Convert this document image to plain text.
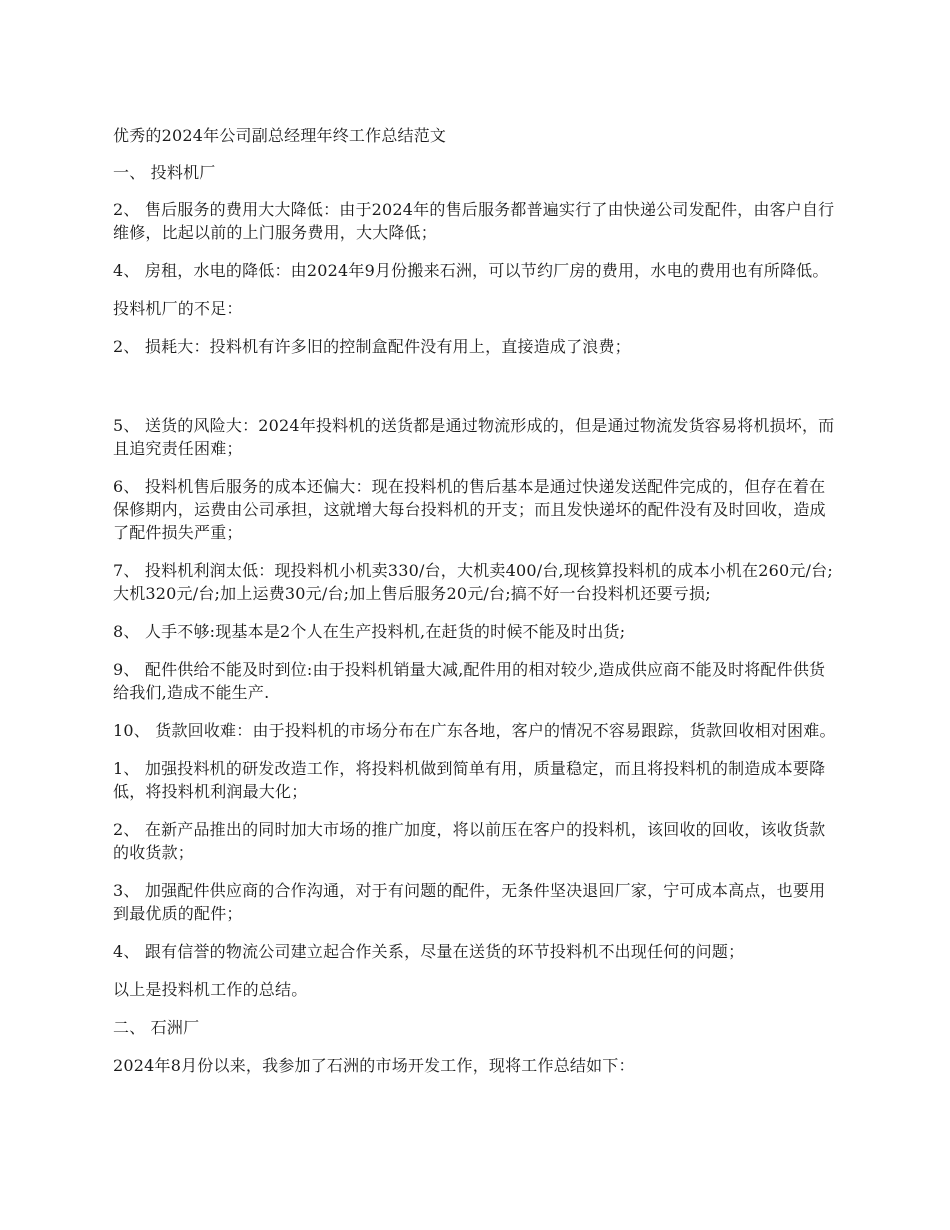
优秀的2024年公司副总经理年终工作总结范文

一、 投料机厂

2、 售后服务的费用大大降低：由于2024年的售后服务都普遍实行了由快递公司发配件，由客户自行维修，比起以前的上门服务费用，大大降低；

4、 房租，水电的降低：由2024年9月份搬来石洲，可以节约厂房的费用，水电的费用也有所降低。

投料机厂的不足：

2、 损耗大：投料机有许多旧的控制盒配件没有用上，直接造成了浪费；

5、 送货的风险大：2024年投料机的送货都是通过物流形成的，但是通过物流发货容易将机损坏，而且追究责任困难；

6、 投料机售后服务的成本还偏大：现在投料机的售后基本是通过快递发送配件完成的，但存在着在保修期内，运费由公司承担，这就增大每台投料机的开支；而且发快递坏的配件没有及时回收，造成了配件损失严重；

7、 投料机利润太低：现投料机小机卖330/台，大机卖400/台,现核算投料机的成本小机在260元/台;大机320元/台;加上运费30元/台;加上售后服务20元/台;搞不好一台投料机还要亏损;

8、 人手不够:现基本是2个人在生产投料机,在赶货的时候不能及时出货;

9、 配件供给不能及时到位:由于投料机销量大减,配件用的相对较少,造成供应商不能及时将配件供货给我们,造成不能生产.

10、 货款回收难：由于投料机的市场分布在广东各地，客户的情况不容易跟踪，货款回收相对困难。

1、 加强投料机的研发改造工作，将投料机做到简单有用，质量稳定，而且将投料机的制造成本要降低，将投料机利润最大化；

2、 在新产品推出的同时加大市场的推广加度，将以前压在客户的投料机，该回收的回收，该收货款的收货款；

3、 加强配件供应商的合作沟通，对于有问题的配件，无条件坚决退回厂家，宁可成本高点，也要用到最优质的配件；

4、 跟有信誉的物流公司建立起合作关系，尽量在送货的环节投料机不出现任何的问题；

以上是投料机工作的总结。

二、 石洲厂

2024年8月份以来，我参加了石洲的市场开发工作，现将工作总结如下：
